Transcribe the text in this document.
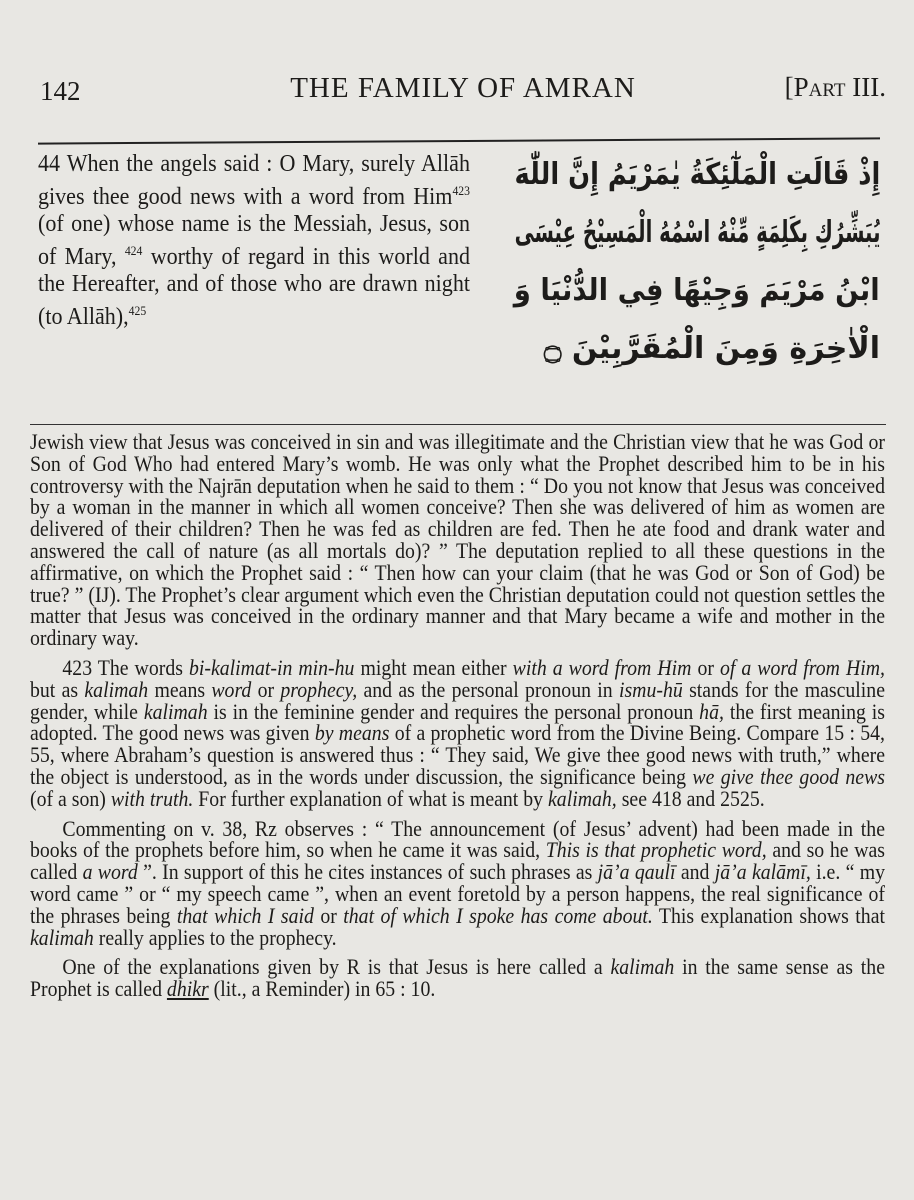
142	THE FAMILY OF AMRAN	[Part III.
44 When the angels said : O Mary, surely Allāh gives thee good news with a word from Him$^{423}$ (of one) whose name is the Messiah, Jesus, son of Mary, $^{424}$ worthy of regard in this world and the Hereafter, and of those who are drawn night (to Allāh),$^{425}$
إِذْ قَالَتِ الْمَلٰٓئِكَةُ يٰمَرْيَمُ إِنَّ اللّٰهَ
يُبَشِّرُكِ بِكَلِمَةٍ مِّنْهُ اسْمُهُ الْمَسِيْحُ عِيْسَى
ابْنُ مَرْيَمَ وَجِيْهًا فِي الدُّنْيَا وَ
الْاٰخِرَةِ وَمِنَ الْمُقَرَّبِيْنَ ۝

Jewish view that Jesus was conceived in sin and was illegitimate and the Christian view that he was God or Son of God Who had entered Mary’s womb. He was only what the Prophet described him to be in his controversy with the Najrān deputation when he said to them : “ Do you not know that Jesus was conceived by a woman in the manner in which all women conceive? Then she was delivered of him as women are delivered of their children? Then he was fed as children are fed. Then he ate food and drank water and answered the call of nature (as all mortals do)? ” The deputation replied to all these questions in the affirmative, on which the Prophet said : “ Then how can your claim (that he was God or Son of God) be true? ” (IJ). The Prophet’s clear argument which even the Christian deputation could not question settles the matter that Jesus was conceived in the ordinary manner and that Mary became a wife and mother in the ordinary way.

423 The words bi-kalimat-in min-hu might mean either with a word from Him or of a word from Him, but as kalimah means word or prophecy, and as the personal pronoun in ismu-hū stands for the masculine gender, while kalimah is in the feminine gender and requires the personal pronoun hā, the first meaning is adopted. The good news was given by means of a prophetic word from the Divine Being. Compare 15 : 54, 55, where Abraham’s question is answered thus : “ They said, We give thee good news with truth,” where the object is understood, as in the words under discussion, the significance being we give thee good news (of a son) with truth. For further explanation of what is meant by kalimah, see 418 and 2525.

Commenting on v. 38, Rz observes : “ The announcement (of Jesus’ advent) had been made in the books of the prophets before him, so when he came it was said, This is that prophetic word, and so he was called a word ”. In support of this he cites instances of such phrases as jā’a qaulī and jā’a kalāmī, i.e. “ my word came ” or “ my speech came ”, when an event foretold by a person happens, the real significance of the phrases being that which I said or that of which I spoke has come about. This explanation shows that kalimah really applies to the prophecy.

One of the explanations given by R is that Jesus is here called a kalimah in the same sense as the Prophet is called dhikr (lit., a Reminder) in 65 : 10.
